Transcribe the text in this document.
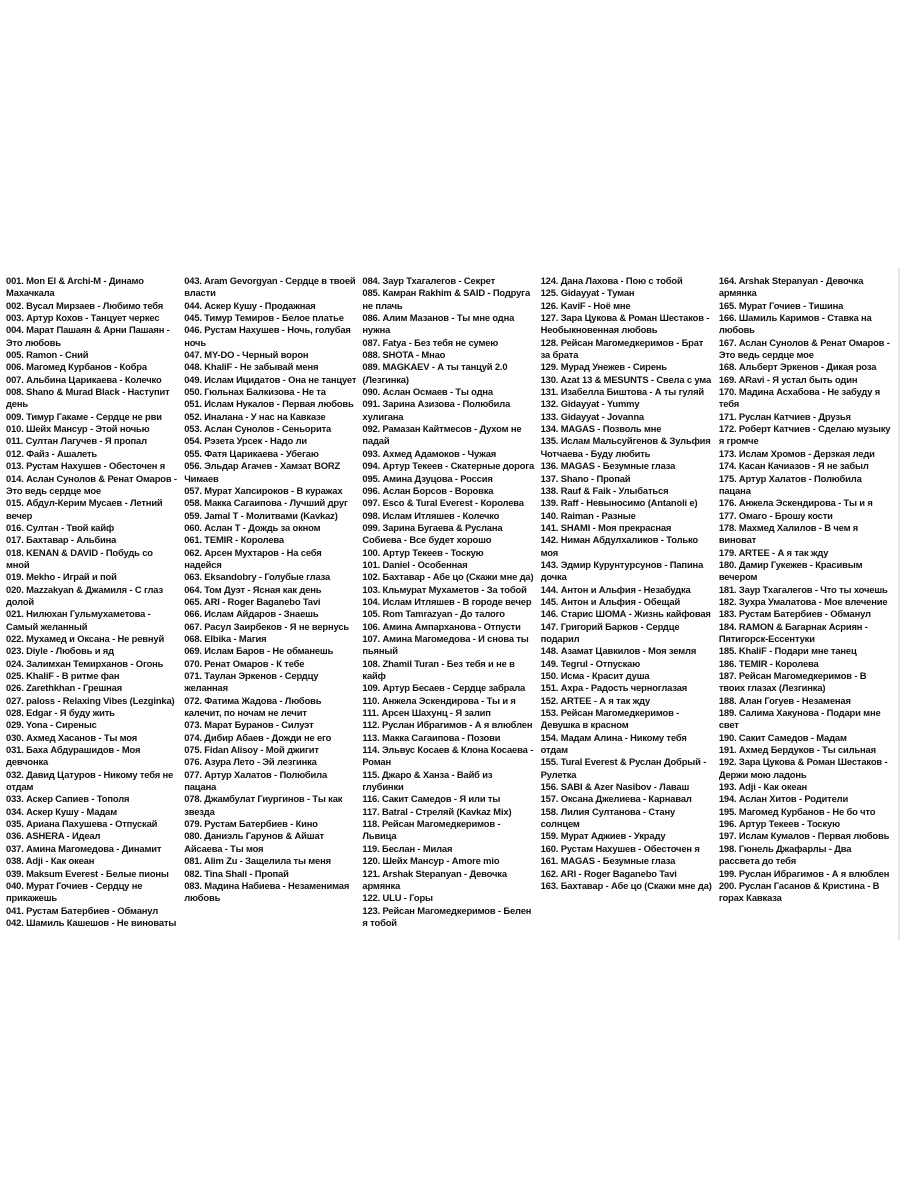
001. Mon El & Archi-M - Динамо Махачкала
002. Вусал Мирзаев - Любимо тебя
003. Артур Кохов - Танцует черкес
004. Марат Пашаян & Арни Пашаян - Это любовь
005. Ramon - Сний
006. Магомед Курбанов - Кобра
007. Альбина Царикаева - Колечко
008. Shano & Murad Black - Наступит день
009. Тимур Гакаме - Сердце не рви
010. Шейх Мансур - Этой ночью
011. Султан Лагучев - Я пропал
012. Файз - Ашалеть
013. Рустам Нахушев - Обесточен я
014. Аслан Сунолов & Ренат Омаров - Это ведь сердце мое
015. Абдул-Керим Мусаев - Летний вечер
016. Султан - Твой кайф
017. Бахтавар - Альбина
018. KENAN & DAVID - Побудь со мной
019. Mekho - Играй и пой
020. Mazzakyan & Джамиля - С глаз долой
021. Нилюхан Гульмухаметова - Самый желанный
022. Мухамед и Оксана - Не ревнуй
023. Diyle - Любовь и яд
024. Залимхан Темирханов - Огонь
025. KhaliF - В ритме фан
026. Zarethkhan - Грешная
027. paloss - Relaxing Vibes (Lezginka)
028. Edgar - Я буду жить
029. Yona - Сиреныс
030. Ахмед Хасанов - Ты моя
031. Баха Абдурашидов - Моя девчонка
032. Давид Цатуров - Никому тебя не отдам
033. Аскер Сапиев - Тополя
034. Аскер Кушу - Мадам
035. Ариана Пахушева - Отпускай
036. ASHERA - Идеал
037. Амина Магомедова - Динамит
038. Adji - Как океан
039. Maksum Everest - Белые пионы
040. Мурат Гочиев - Сердцу не прикажешь
041. Рустам Батербиев - Обманул
042. Шамиль Кашешов - Не виноваты
043. Aram Gevorgyan - Сердце в твоей власти
044. Аскер Кушу - Продажная
045. Тимур Темиров - Белое платье
046. Рустам Нахушев - Ночь, голубая ночь
047. MY-DO - Черный ворон
048. KhaliF - Не забывай меня
049. Ислам Ицидатов - Она не танцует
050. Гюльнах Балкизова - Не та
051. Ислам Нукалов - Первая любовь
052. Иналана - У нас на Кавказе
053. Аслан Сунолов - Сеньорита
054. Рэзета Урсек - Надо ли
055. Фатя Царикаева - Убегаю
056. Эльдар Агачев - Хамзат BORZ Чимаев
057. Мурат Хапсироков - В куражах
058. Макка Сагаипова - Лучший друг
059. Jamal T - Молитвами (Kavkaz)
060. Аслан Т - Дождь за окном
061. TEMIR - Королева
062. Арсен Мухтаров - На себя надейся
063. Eksandobry - Голубые глаза
064. Том Дуэт - Ясная как день
065. ARI - Roger Baganebo Tavi
066. Ислам Айдаров - Знаешь
067. Расул Заирбеков - Я не вернусь
068. Elbika - Магия
069. Ислам Баров - Не обманешь
070. Ренат Омаров - К тебе
071. Таулан Эркенов - Сердцу желанная
072. Фатима Жадова - Любовь калечит, по ночам не лечит
073. Марат Буранов - Силуэт
074. Дибир Абаев - Дожди не его
075. Fidan Alisoy - Мой джигит
076. Азура Лето - Эй лезгинка
077. Артур Халатов - Полюбила пацана
078. Джамбулат Гиургинов - Ты как звезда
079. Рустам Батербиев - Кино
080. Даниэль Гарунов & Айшат Айсаева - Ты моя
081. Alim Zu - Защелила ты меня
082. Tina Shall - Пропай
083. Мадина Набиева - Незаменимая любовь
084. Заур Тхагалегов - Секрет
085. Камран Rakhim & SAID - Подруга не плачь
086. Алим Мазанов - Ты мне одна нужна
087. Fatya - Без тебя не сумею
088. SHOTA - Мнао
089. MAGKAEV - А ты танцуй 2.0 (Лезгинка)
090. Аслан Осмаев - Ты одна
091. Зарина Азизова - Полюбила хулигана
092. Рамазан Кайтмесов - Духом не падай
093. Ахмед Адамоков - Чужая
094. Артур Текеев - Скатерные дорога
095. Амина Дзуцова - Россия
096. Аслан Борсов - Воровка
097. Esco & Tural Everest - Королева
098. Ислам Итляшев - Колечко
099. Зарина Бугаева & Руслана Собиева - Все будет хорошо
100. Артур Текеев - Тоскую
101. Daniel - Особенная
102. Бахтавар - Абе цо (Скажи мне да)
103. Кльмурат Мухаметов - За тобой
104. Ислам Итляшев - В городе вечер
105. Rom Tamrazyan - До талого
106. Амина Ампарханова - Отпусти
107. Амина Магомедова - И снова ты пьяный
108. Zhamil Turan - Без тебя и не в кайф
109. Артур Бесаев - Сердце забрала
110. Анжела Эскендирова - Ты и я
111. Арсен Шахунц - Я залип
112. Руслан Ибрагимов - А я влюблен
113. Макка Сагаипова - Позови
114. Эльвус Косаев & Клона Косаева - Роман
115. Джаро & Ханза - Вайб из глубинки
116. Сакит Самедов - Я или ты
117. Batral - Стреляй (Kavkaz Mix)
118. Рейсан Магомедкеримов - Львица
119. Беслан - Милая
120. Шейх Мансур - Amore mio
121. Arshak Stepanyan - Девочка армянка
122. ULU - Горы
123. Рейсан Магомедкеримов - Белен я тобой
124. Дана Лахова - Пою с тобой
125. Gidayyat - Туман
126. KaviF - Ноё мне
127. Зара Цукова & Роман Шестаков - Необыкновенная любовь
128. Рейсан Магомедкеримов - Брат за брата
129. Мурад Унежев - Сирень
130. Azat 13 & MESUNTS - Свела с ума
131. Изабелла Биштова - А ты гуляй
132. Gidayyat - Yummy
133. Gidayyat - Jovanna
134. MAGAS - Позволь мне
135. Ислам Мальсуйгенов & Зульфия Чотчаева - Буду любить
136. MAGAS - Безумные глаза
137. Shano - Пропай
138. Rauf & Faik - Улыбаться
139. Raff - Невыносимо (Antanoli e)
140. Raiman - Разные
141. SHAMI - Моя прекрасная
142. Ниман Абдулхаликов - Только моя
143. Эдмир Курунтурсунов - Папина дочка
144. Антон и Альфия - Незабудка
145. Антон и Альфия - Обещай
146. Старис ШОМА - Жизнь кайфовая
147. Григорий Барков - Сердце подарил
148. Азамат Цавкилов - Моя земля
149. Tegrul - Отпускаю
150. Исма - Красит душа
151. Ахра - Радость черноглазая
152. ARTEE - А я так жду
153. Рейсан Магомедкеримов - Девушка в красном
154. Мадам Алина - Никому тебя отдам
155. Tural Everest & Руслан Добрый - Рулетка
156. SABI & Azer Nasibov - Лаваш
157. Оксана Джелиева - Карнавал
158. Лилия Султанова - Стану солнцем
159. Мурат Аджиев - Украду
160. Рустам Нахушев - Обесточен я
161. MAGAS - Безумные глаза
162. ARI - Roger Baganebo Tavi
163. Бахтавар - Абе цо (Скажи мне да)
164. Arshak Stepanyan - Девочка армянка
165. Мурат Гочиев - Тишина
166. Шамиль Каримов - Ставка на любовь
167. Аслан Сунолов & Ренат Омаров - Это ведь сердце мое
168. Альберт Эркенов - Дикая роза
169. ARavi - Я устал быть один
170. Мадина Асхабова - Не забуду я тебя
171. Руслан Катчиев - Друзья
172. Роберт Катчиев - Сделаю музыку я громче
173. Ислам Хромов - Дерзкая леди
174. Касан Качиазов - Я не забыл
175. Артур Халатов - Полюбила пацана
176. Анжела Эскендирова - Ты и я
177. Омаго - Брошу кости
178. Махмед Халилов - В чем я виноват
179. ARTEE - А я так жду
180. Дамир Гукежев - Красивым вечером
181. Заур Тхагалегов - Что ты хочешь
182. Зухра Умалатова - Мое влечение
183. Рустам Батербиев - Обманул
184. RAMON & Багарнак Асриян - Пятигорск-Ессентуки
185. KhaliF - Подари мне танец
186. TEMIR - Королева
187. Рейсан Магомедкеримов - В твоих глазах (Лезгинка)
188. Алан Гогуев - Незаменая
189. Салима Хакунова - Подари мне свет
190. Сакит Самедов - Мадам
191. Ахмед Бердуков - Ты сильная
192. Зара Цукова & Роман Шестаков - Держи мою ладонь
193. Adji - Как океан
194. Аслан Хитов - Родители
195. Магомед Курбанов - Не бо что
196. Артур Текеев - Тоскую
197. Ислам Кумалов - Первая любовь
198. Гюнель Джафарлы - Два рассвета до тебя
199. Руслан Ибрагимов - А я влюблен
200. Руслан Гасанов & Кристина - В горах Кавказа
